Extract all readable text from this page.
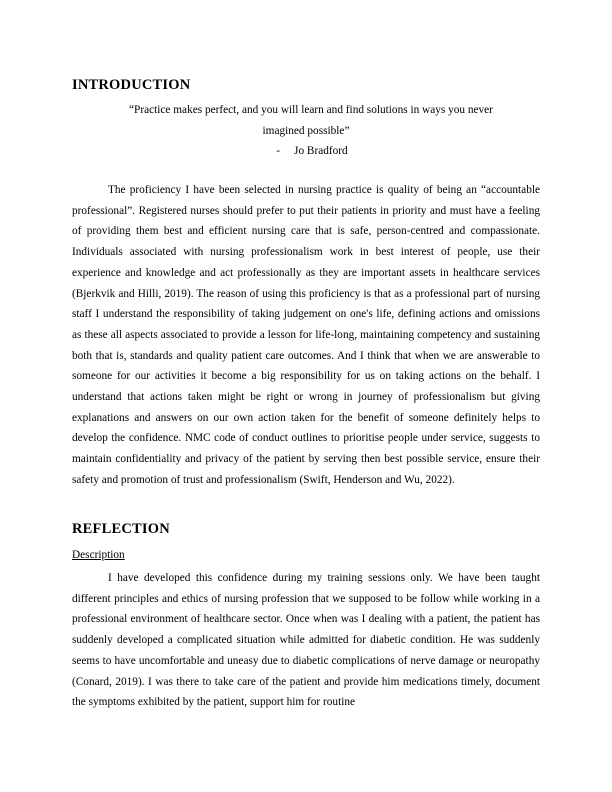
INTRODUCTION
“Practice makes perfect, and you will learn and find solutions in ways you never
imagined possible”
- Jo Bradford

The proficiency I have been selected in nursing practice is quality of being an “accountable professional”. Registered nurses should prefer to put their patients in priority and must have a feeling of providing them best and efficient nursing care that is safe, person-centred and compassionate. Individuals associated with nursing professionalism work in best interest of people, use their experience and knowledge and act professionally as they are important assets in healthcare services (Bjerkvik and Hilli, 2019). The reason of using this proficiency is that as a professional part of nursing staff I understand the responsibility of taking judgement on one's life, defining actions and omissions as these all aspects associated to provide a lesson for life-long, maintaining competency and sustaining both that is, standards and quality patient care outcomes. And I think that when we are answerable to someone for our activities it become a big responsibility for us on taking actions on the behalf. I understand that actions taken might be right or wrong in journey of professionalism but giving explanations and answers on our own action taken for the benefit of someone definitely helps to develop the confidence. NMC code of conduct outlines to prioritise people under service, suggests to maintain confidentiality and privacy of the patient by serving then best possible service, ensure their safety and promotion of trust and professionalism (Swift, Henderson and Wu, 2022).

REFLECTION

Description

I have developed this confidence during my training sessions only. We have been taught different principles and ethics of nursing profession that we supposed to be follow while working in a professional environment of healthcare sector. Once when was I dealing with a patient, the patient has suddenly developed a complicated situation while admitted for diabetic condition. He was suddenly seems to have uncomfortable and uneasy due to diabetic complications of nerve damage or neuropathy (Conard, 2019). I was there to take care of the patient and provide him medications timely, document the symptoms exhibited by the patient, support him for routine
